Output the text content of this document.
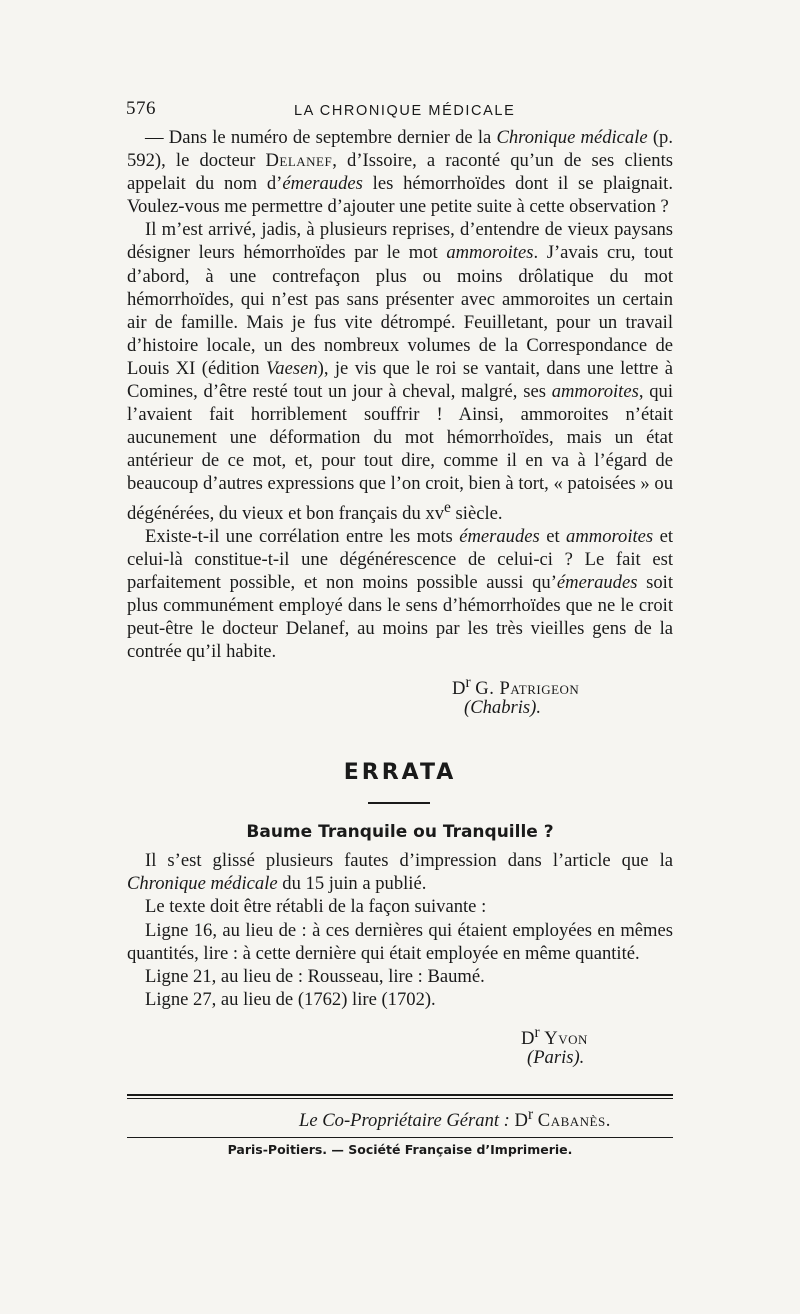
576	LA CHRONIQUE MÉDICALE

— Dans le numéro de septembre dernier de la Chronique médicale (p. 592), le docteur Delanef, d’Issoire, a raconté qu’un de ses clients appelait du nom d’émeraudes les hémorrhoïdes dont il se plaignait. Voulez-vous me permettre d’ajouter une petite suite à cette observation ?

Il m’est arrivé, jadis, à plusieurs reprises, d’entendre de vieux paysans désigner leurs hémorrhoïdes par le mot ammoroites. J’avais cru, tout d’abord, à une contrefaçon plus ou moins drôlatique du mot hémorrhoïdes, qui n’est pas sans présenter avec ammoroites un certain air de famille. Mais je fus vite détrompé. Feuilletant, pour un travail d’histoire locale, un des nombreux volumes de la Correspondance de Louis XI (édition Vaesen), je vis que le roi se vantait, dans une lettre à Comines, d’être resté tout un jour à cheval, malgré, ses ammoroites, qui l’avaient fait horriblement souffrir ! Ainsi, ammoroites n’était aucunement une déformation du mot hémorrhoïdes, mais un état antérieur de ce mot, et, pour tout dire, comme il en va à l’égard de beaucoup d’autres expressions que l’on croit, bien à tort, « patoisées » ou dégénérées, du vieux et bon français du $xv^e$ siècle.

Existe-t-il une corrélation entre les mots émeraudes et ammoroites et celui-là constitue-t-il une dégénérescence de celui-ci ? Le fait est parfaitement possible, et non moins possible aussi qu’émeraudes soit plus communément employé dans le sens d’hémorrhoïdes que ne le croit peut-être le docteur Delanef, au moins par les très vieilles gens de la contrée qu’il habite.

$D^r$ G. Patrigeon
(Chabris).
ERRATA
Baume Tranquile ou Tranquille ?

Il s’est glissé plusieurs fautes d’impression dans l’article que la Chronique médicale du 15 juin a publié.

Le texte doit être rétabli de la façon suivante :

Ligne 16, au lieu de : à ces dernières qui étaient employées en mêmes quantités, lire : à cette dernière qui était employée en même quantité.

Ligne 21, au lieu de : Rousseau, lire : Baumé.

Ligne 27, au lieu de (1762) lire (1702).

$D^r$ Yvon
(Paris).
Le Co-Propriétaire Gérant : $D^r$ Cabanès.
Paris-Poitiers. — Société Française d’Imprimerie.
